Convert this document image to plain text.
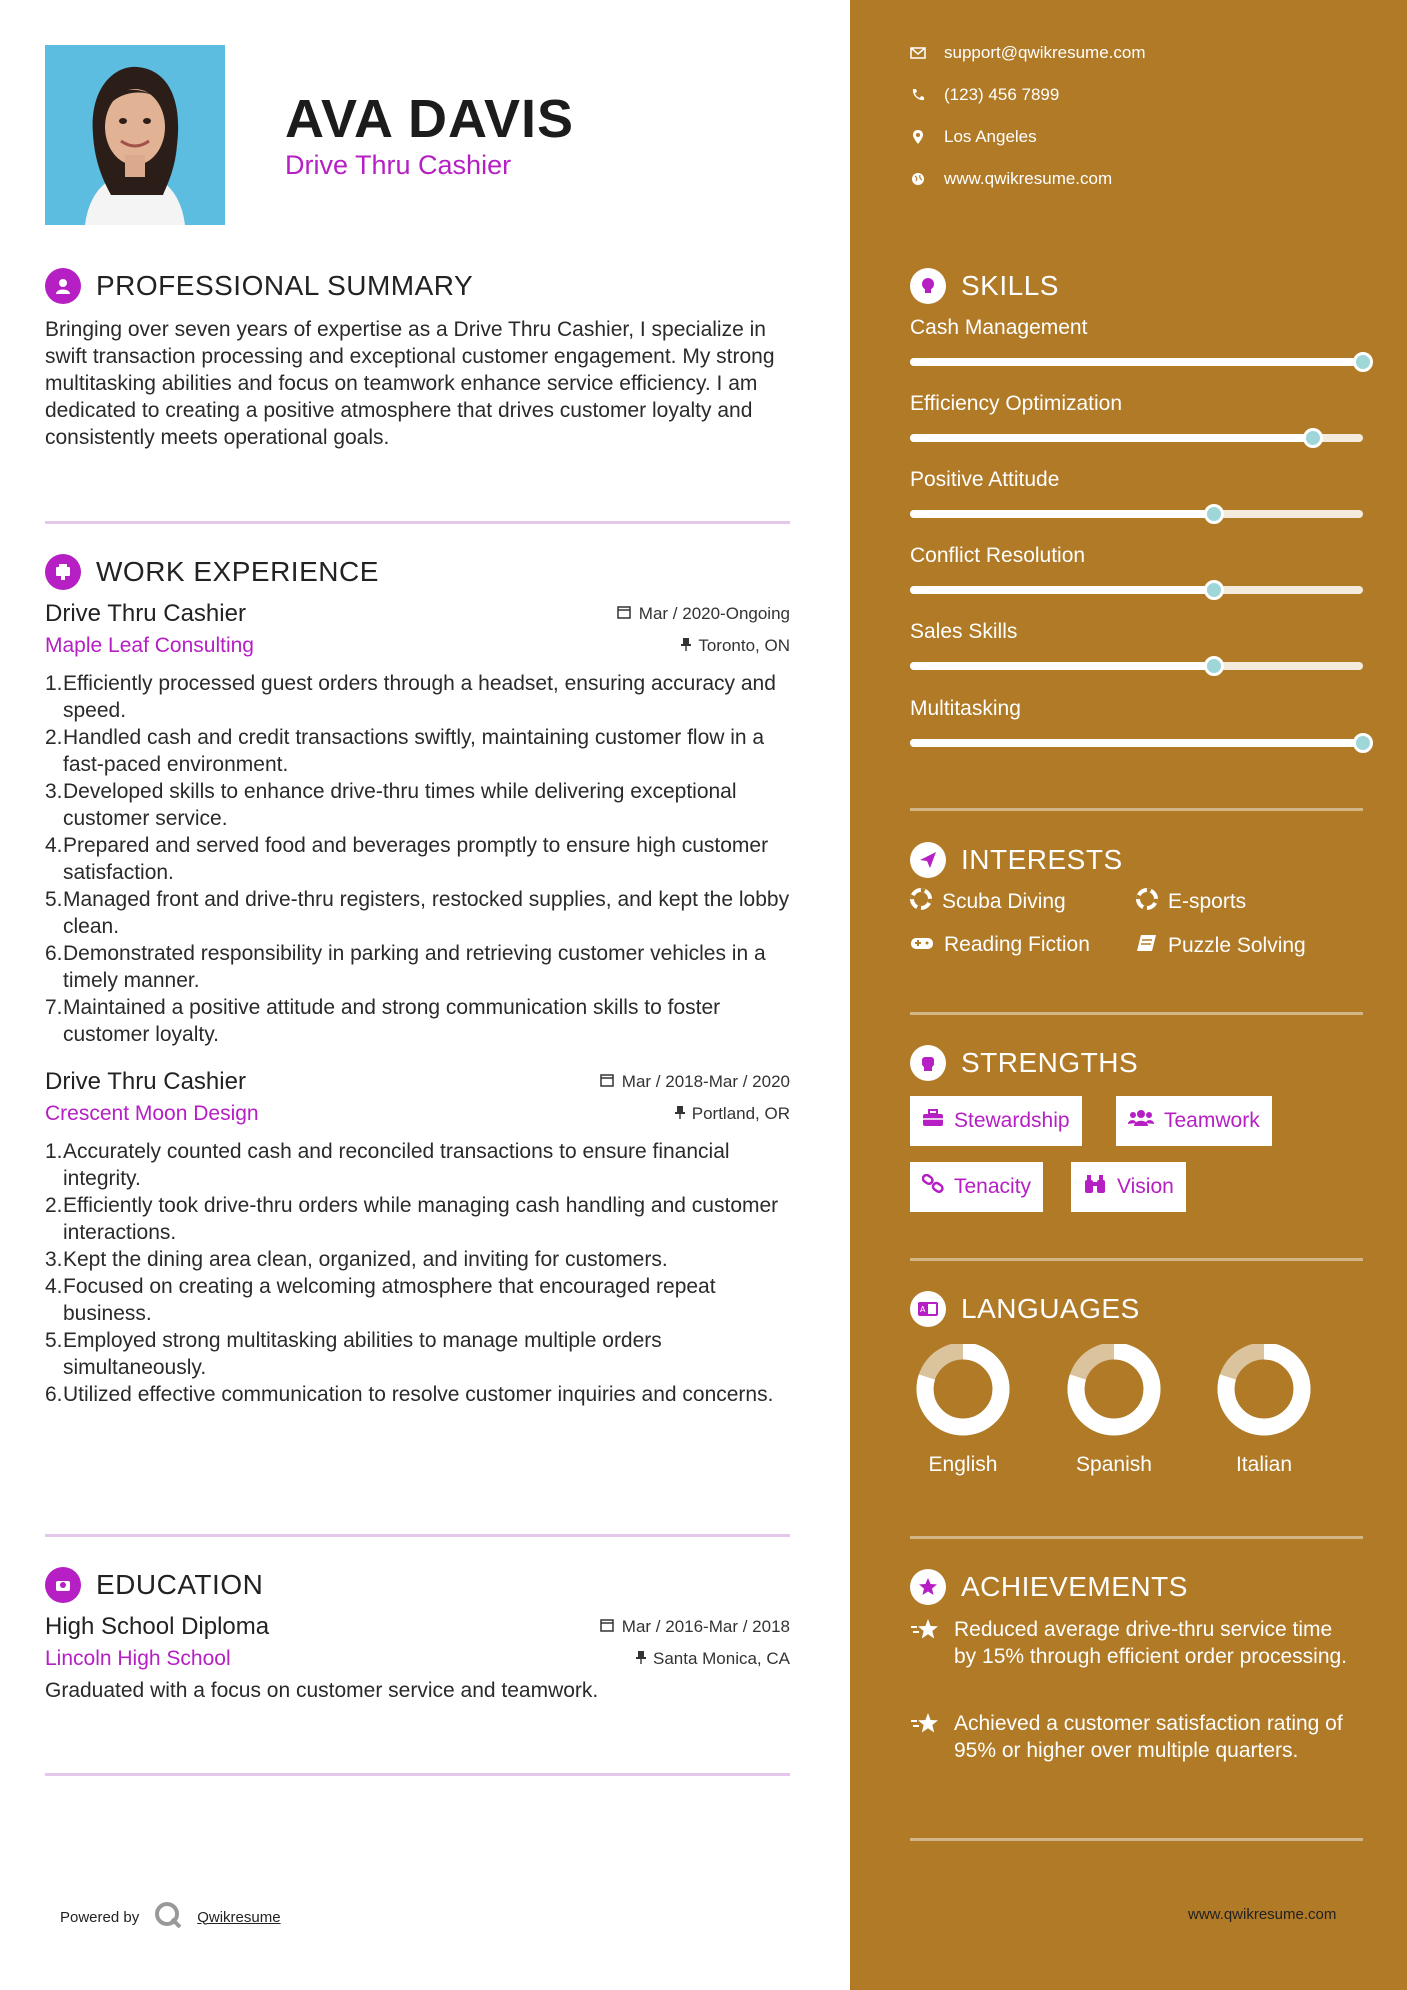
AVA DAVIS
Drive Thru Cashier
PROFESSIONAL SUMMARY
Bringing over seven years of expertise as a Drive Thru Cashier, I specialize in swift transaction processing and exceptional customer engagement. My strong multitasking abilities and focus on teamwork enhance service efficiency. I am dedicated to creating a positive atmosphere that drives customer loyalty and consistently meets operational goals.
WORK EXPERIENCE
Drive Thru Cashier	Mar / 2020-Ongoing
Maple Leaf Consulting	Toronto, ON
1. Efficiently processed guest orders through a headset, ensuring accuracy and speed.
2. Handled cash and credit transactions swiftly, maintaining customer flow in a fast-paced environment.
3. Developed skills to enhance drive-thru times while delivering exceptional customer service.
4. Prepared and served food and beverages promptly to ensure high customer satisfaction.
5. Managed front and drive-thru registers, restocked supplies, and kept the lobby clean.
6. Demonstrated responsibility in parking and retrieving customer vehicles in a timely manner.
7. Maintained a positive attitude and strong communication skills to foster customer loyalty.
Drive Thru Cashier	Mar / 2018-Mar / 2020
Crescent Moon Design	Portland, OR
1. Accurately counted cash and reconciled transactions to ensure financial integrity.
2. Efficiently took drive-thru orders while managing cash handling and customer interactions.
3. Kept the dining area clean, organized, and inviting for customers.
4. Focused on creating a welcoming atmosphere that encouraged repeat business.
5. Employed strong multitasking abilities to manage multiple orders simultaneously.
6. Utilized effective communication to resolve customer inquiries and concerns.
EDUCATION
High School Diploma	Mar / 2016-Mar / 2018
Lincoln High School	Santa Monica, CA
Graduated with a focus on customer service and teamwork.
Powered by	Qwikresume	www.qwikresume.com
support@qwikresume.com
(123) 456 7899
Los Angeles
www.qwikresume.com
SKILLS
Cash Management
Efficiency Optimization
Positive Attitude
Conflict Resolution
Sales Skills
Multitasking
INTERESTS
Scuba Diving	E-sports
Reading Fiction	Puzzle Solving
STRENGTHS
Stewardship	Teamwork
Tenacity	Vision
A LANGUAGES
English	Spanish	Italian
ACHIEVEMENTS
Reduced average drive-thru service time by 15% through efficient order processing.
Achieved a customer satisfaction rating of 95% or higher over multiple quarters.
